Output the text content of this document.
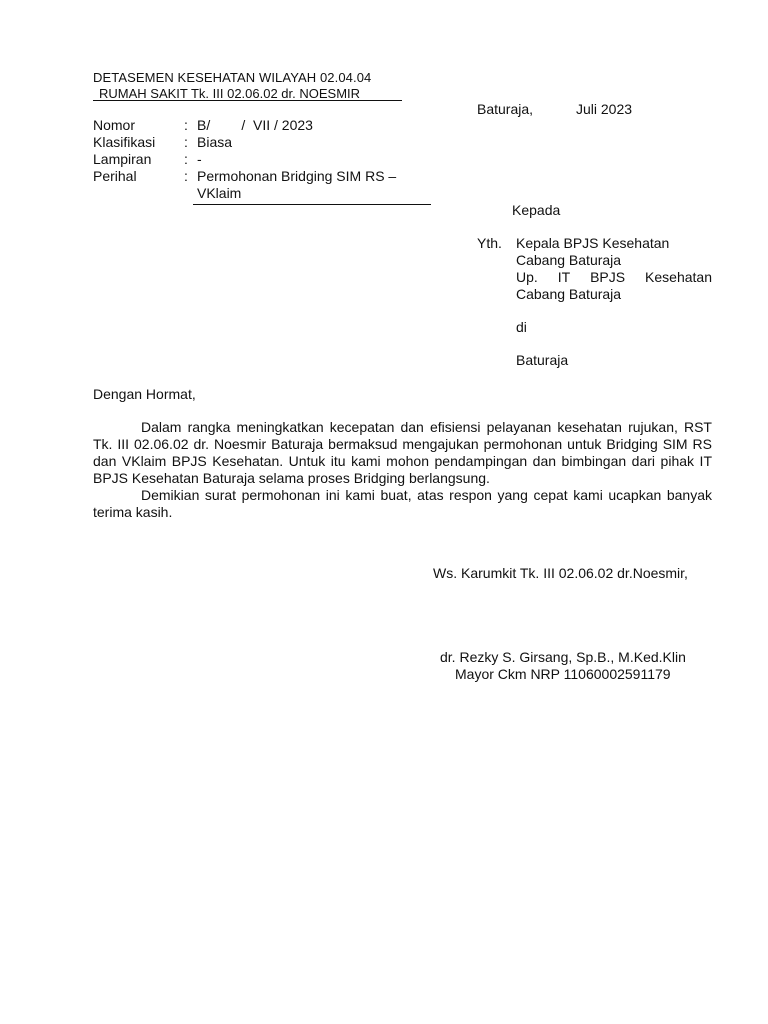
DETASEMEN KESEHATAN WILAYAH 02.04.04
RUMAH SAKIT Tk. III 02.06.02 dr. NOESMIR
Baturaja,	Juli 2023
Nomor	: B/        /  VII / 2023
Klasifikasi : Biasa
Lampiran : -
Perihal	: Permohonan Bridging SIM RS –
VKlaim
Kepada
Yth. Kepala BPJS Kesehatan
Cabang Baturaja
Up. IT BPJS Kesehatan
Cabang Baturaja
di
Baturaja
Dengan Hormat,

Dalam rangka meningkatkan kecepatan dan efisiensi pelayanan kesehatan rujukan, RST Tk. III 02.06.02 dr. Noesmir Baturaja bermaksud mengajukan permohonan untuk Bridging SIM RS dan VKlaim BPJS Kesehatan. Untuk itu kami mohon pendampingan dan bimbingan dari pihak IT BPJS Kesehatan Baturaja selama proses Bridging berlangsung.

Demikian surat permohonan ini kami buat, atas respon yang cepat kami ucapkan banyak terima kasih.

Ws. Karumkit Tk. III 02.06.02 dr.Noesmir,
dr. Rezky S. Girsang, Sp.B., M.Ked.Klin
Mayor Ckm NRP 11060002591179
